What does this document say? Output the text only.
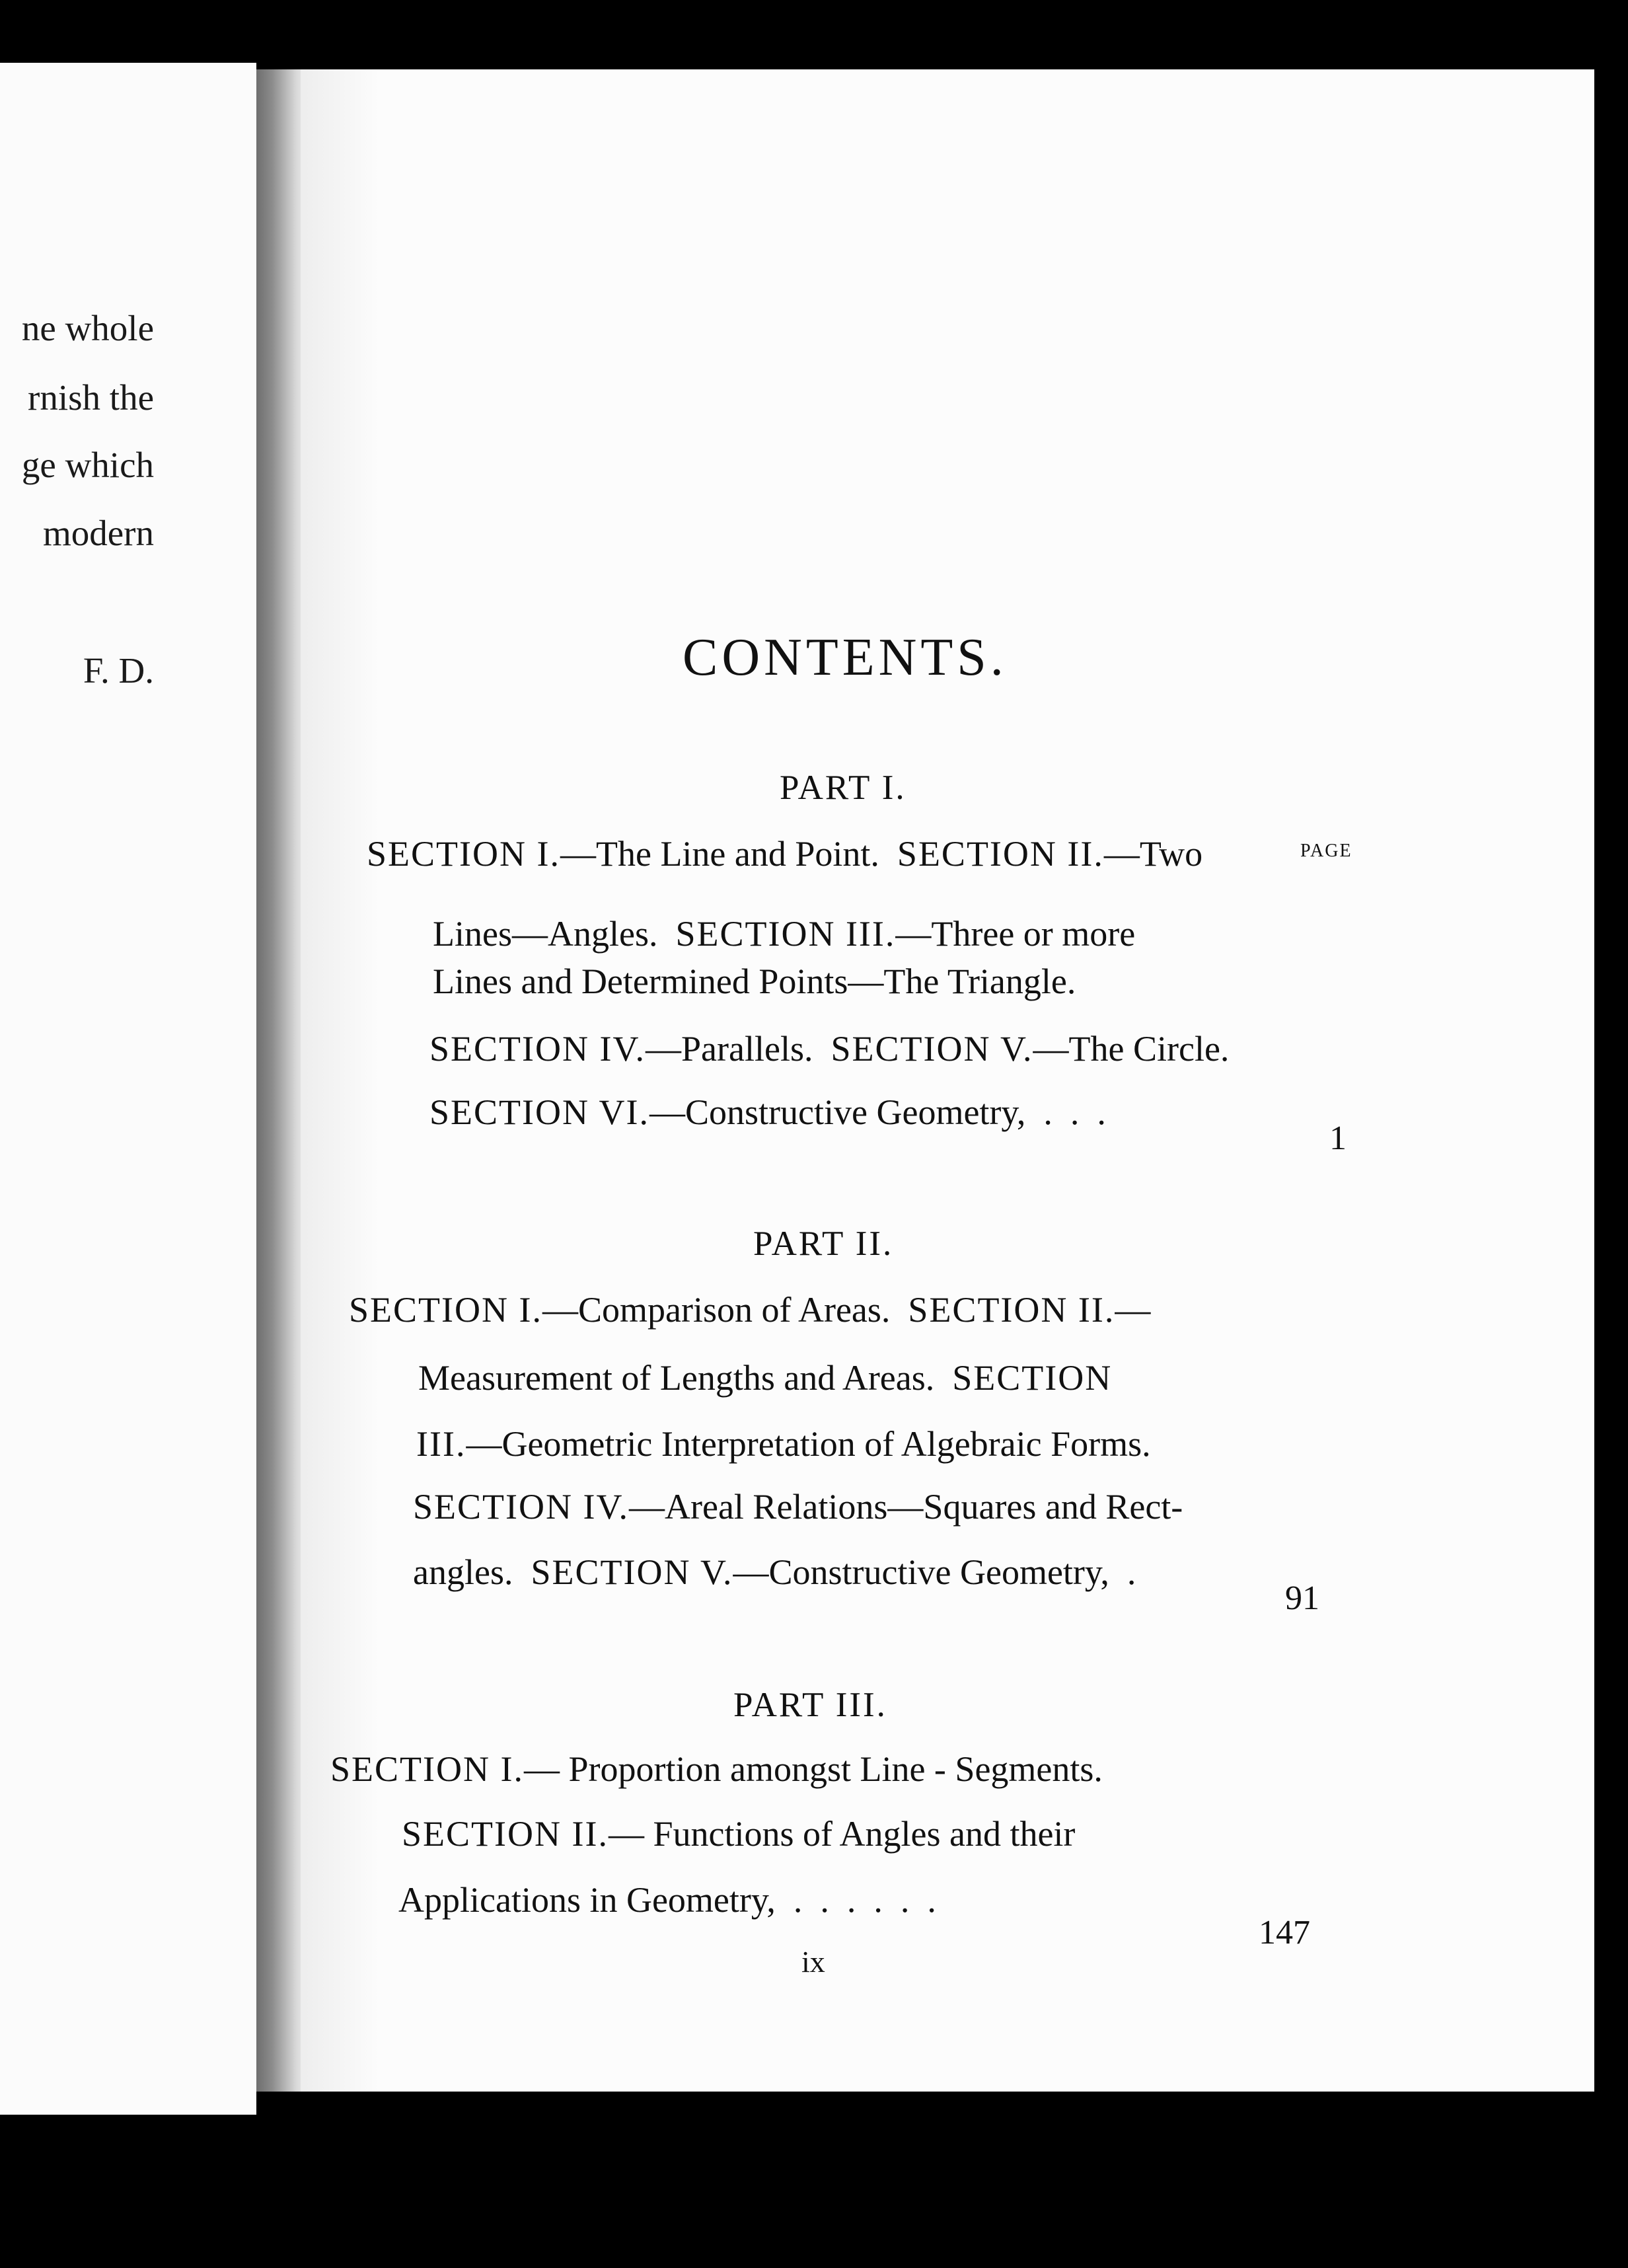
ne whole
rnish the
ge which
modern
F. D.	CONTENTS.
PAGE
PART I.
SECTION I.—The Line and Point.  SECTION II.—Two
Lines—Angles.  SECTION III.—Three or more
Lines and Determined Points—The Triangle.
SECTION IV.—Parallels.  SECTION V.—The Circle.
SECTION VI.—Constructive Geometry,  .  .  .
1
PART II.
SECTION I.—Comparison of Areas.  SECTION II.—
Measurement of Lengths and Areas.  SECTION
III.—Geometric Interpretation of Algebraic Forms.
SECTION IV.—Areal Relations—Squares and Rect-
angles.  SECTION V.—Constructive Geometry,  .
91
PART III.
SECTION I.— Proportion amongst Line - Segments.
SECTION II.— Functions of Angles and their
Applications in Geometry,  .  .  .  .  .  .
147
ix
